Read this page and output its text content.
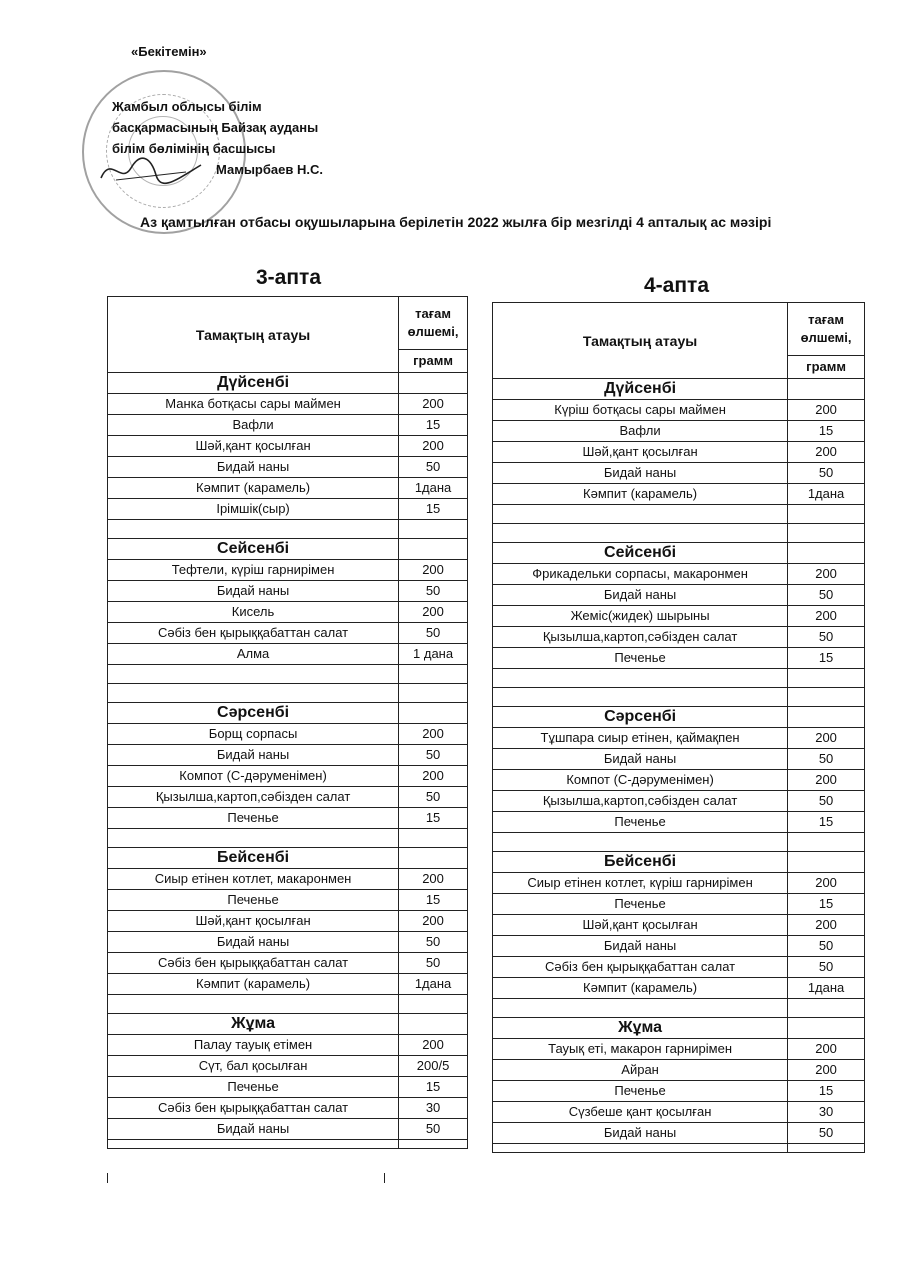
«Бекітемін»
Жамбыл облысы білім
басқармасының Байзақ ауданы
білім бөлімінің басшысы
Мамырбаев Н.С.
Аз қамтылған отбасы оқушыларына берілетін 2022 жылға бір мезгілді 4 апталық ас мәзірі
3-апта	4-апта
Тамақтың атауы	тағам өлшемі,
	грамм
Дүйсенбі	
Манка ботқасы сары маймен	200
Вафли	15
Шәй,қант қосылған	200
Бидай наны	50
Кәмпит (карамель)	1дана
Ірімшік(сыр)	15

Сейсенбі	
Тефтели, күріш гарнирімен	200
Бидай наны	50
Кисель	200
Сәбіз бен қырыққабаттан салат	50
Алма	1 дана

Сәрсенбі	
Борщ сорпасы	200
Бидай наны	50
Компот (С-дәруменімен)	200
Қызылша,картоп,сәбізден салат	50
Печенье	15

Бейсенбі	
Сиыр етінен котлет, макаронмен	200
Печенье	15
Шәй,қант қосылған	200
Бидай наны	50
Сәбіз бен қырыққабаттан салат	50
Кәмпит (карамель)	1дана

Жұма	
Палау тауық етімен	200
Сүт, бал қосылған	200/5
Печенье	15
Сәбіз бен қырыққабаттан салат	30
Бидай наны	50

Тамақтың атауы	тағам өлшемі,
	грамм
Дүйсенбі	
Күріш ботқасы сары маймен	200
Вафли	15
Шәй,қант қосылған	200
Бидай наны	50
Кәмпит (карамель)	1дана

Сейсенбі	
Фрикадельки сорпасы, макаронмен	200
Бидай наны	50
Жеміс(жидек) шырыны	200
Қызылша,картоп,сәбізден салат	50
Печенье	15

Сәрсенбі	
Тұшпара сиыр етінен, қаймақпен	200
Бидай наны	50
Компот (С-дәруменімен)	200
Қызылша,картоп,сәбізден салат	50
Печенье	15

Бейсенбі	
Сиыр етінен котлет, күріш гарнирімен	200
Печенье	15
Шәй,қант қосылған	200
Бидай наны	50
Сәбіз бен қырыққабаттан салат	50
Кәмпит (карамель)	1дана

Жұма	
Тауық еті, макарон гарнирімен	200
Айран	200
Печенье	15
Сүзбеше қант қосылған	30
Бидай наны	50
